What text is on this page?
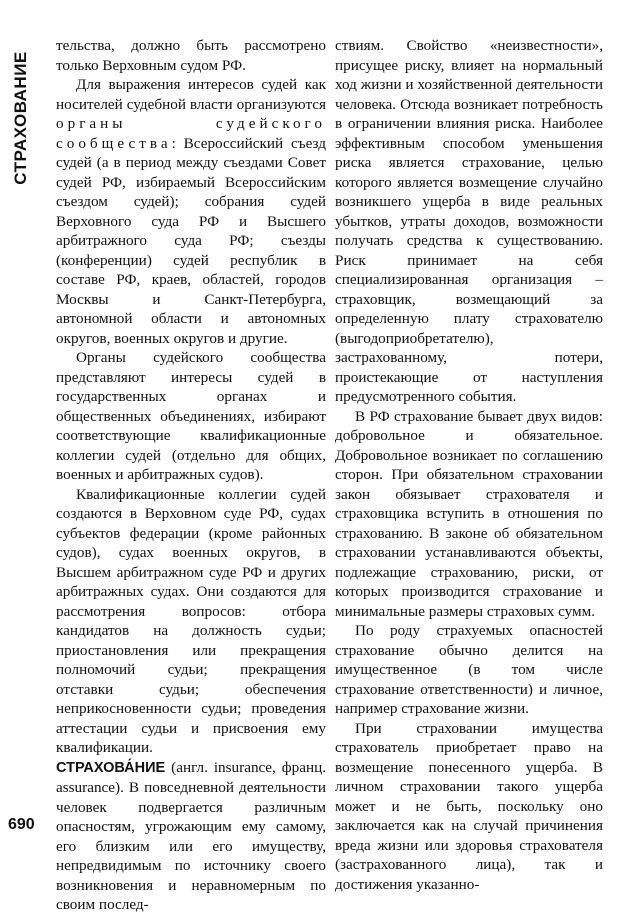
СТРАХОВАНИЕ
690

тельства, должно быть рассмотрено только Верховным судом РФ.

Для выражения интересов судей как носителей судебной власти организуются органы судейского сообщества: Всероссийский съезд судей (а в период между съездами Совет судей РФ, избираемый Всероссийским съездом судей); собрания судей Верховного суда РФ и Высшего арбитражного суда РФ; съезды (конференции) судей республик в составе РФ, краев, областей, городов Москвы и Санкт-Петербурга, автономной области и автономных округов, военных округов и другие.

Органы судейского сообщества представляют интересы судей в государственных органах и общественных объединениях, избирают соответствующие квалификационные коллегии судей (отдельно для общих, военных и арбитражных судов).

Квалификационные коллегии судей создаются в Верховном суде РФ, судах субъектов федерации (кроме районных судов), судах военных округов, в Высшем арбитражном суде РФ и других арбитражных судах. Они создаются для рассмотрения вопросов: отбора кандидатов на должность судьи; приостановления или прекращения полномочий судьи; прекращения отставки судьи; обеспечения неприкосновенности судьи; проведения аттестации судьи и присвоения ему квалификации.

СТРАХОВА́НИЕ (англ. insurance, франц. assurance). В повседневной деятельности человек подвергается различным опасностям, угрожающим ему самому, его близким или его имуществу, непредвидимым по источнику своего возникновения и неравномерным по своим послед-

ствиям. Свойство «неизвестности», присущее риску, влияет на нормальный ход жизни и хозяйственной деятельности человека. Отсюда возникает потребность в ограничении влияния риска. Наиболее эффективным способом уменьшения риска является страхование, целью которого является возмещение случайно возникшего ущерба в виде реальных убытков, утраты доходов, возможности получать средства к существованию. Риск принимает на себя специализированная организация – страховщик, возмещающий за определенную плату страхователю (выгодоприобретателю), застрахованному, потери, проистекающие от наступления предусмотренного события.

В РФ страхование бывает двух видов: добровольное и обязательное. Добровольное возникает по соглашению сторон. При обязательном страховании закон обязывает страхователя и страховщика вступить в отношения по страхованию. В законе об обязательном страховании устанавливаются объекты, подлежащие страхованию, риски, от которых производится страхование и минимальные размеры страховых сумм.

По роду страхуемых опасностей страхование обычно делится на имущественное (в том числе страхование ответственности) и личное, например страхование жизни.

При страховании имущества страхователь приобретает право на возмещение понесенного ущерба. В личном страховании такого ущерба может и не быть, поскольку оно заключается как на случай причинения вреда жизни или здоровья страхователя (застрахованного лица), так и достижения указанно-
